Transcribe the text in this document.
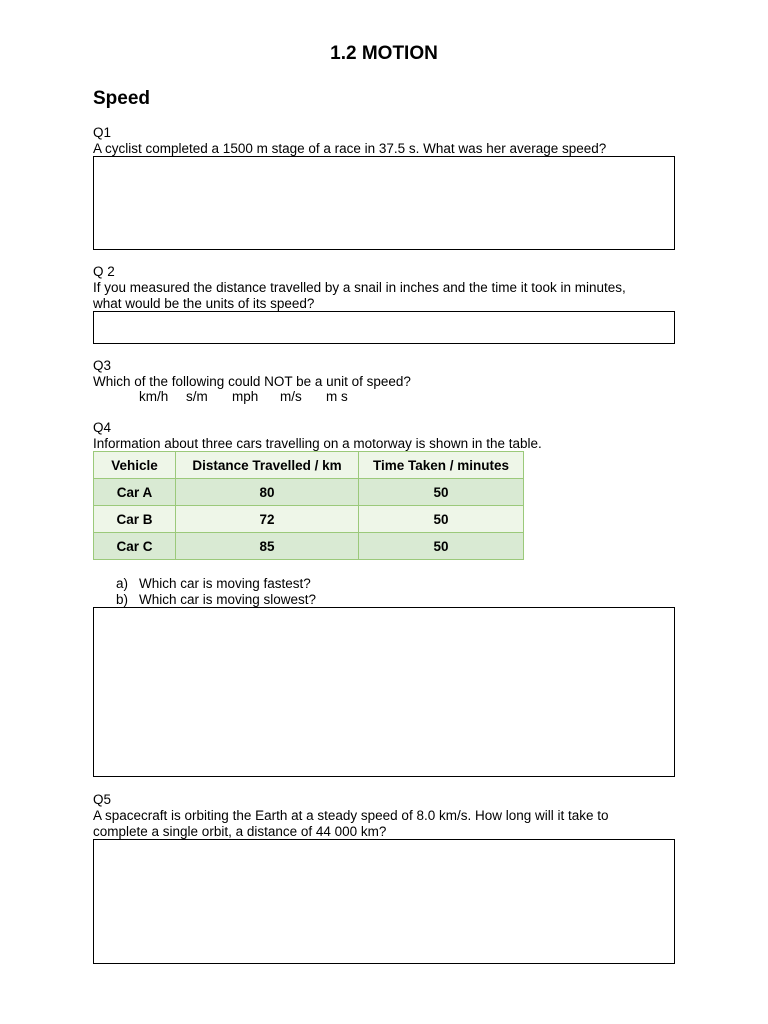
1.2 MOTION
Speed
Q1
A cyclist completed a 1500 m stage of a race in 37.5 s. What was her average speed?
Q 2
If you measured the distance travelled by a snail in inches and the time it took in minutes,
what would be the units of its speed?
Q3
Which of the following could NOT be a unit of speed?
km/h s/m mph m/s m s
Q4
Information about three cars travelling on a motorway is shown in the table.
Vehicle	Distance Travelled / km	Time Taken / minutes
Car A	80	50
Car B	72	50
Car C	85	50
a) Which car is moving fastest?
b) Which car is moving slowest?
Q5
A spacecraft is orbiting the Earth at a steady speed of 8.0 km/s. How long will it take to
complete a single orbit, a distance of 44 000 km?
